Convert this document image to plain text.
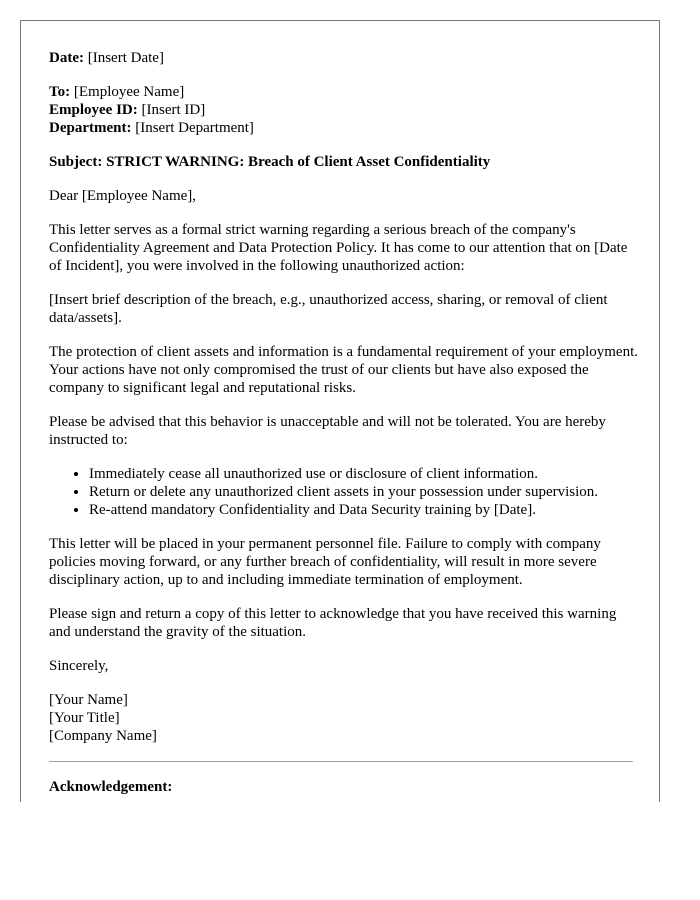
Date: [Insert Date]

To: [Employee Name]

Employee ID: [Insert ID]

Department: [Insert Department]

Subject: STRICT WARNING: Breach of Client Asset Confidentiality

Dear [Employee Name],

This letter serves as a formal strict warning regarding a serious breach of the company's Confidentiality Agreement and Data Protection Policy. It has come to our attention that on [Date of Incident], you were involved in the following unauthorized action:

[Insert brief description of the breach, e.g., unauthorized access, sharing, or removal of client data/assets].

The protection of client assets and information is a fundamental requirement of your employment. Your actions have not only compromised the trust of our clients but have also exposed the company to significant legal and reputational risks.

Please be advised that this behavior is unacceptable and will not be tolerated. You are hereby instructed to:

• Immediately cease all unauthorized use or disclosure of client information.
• Return or delete any unauthorized client assets in your possession under supervision.
• Re-attend mandatory Confidentiality and Data Security training by [Date].

This letter will be placed in your permanent personnel file. Failure to comply with company policies moving forward, or any further breach of confidentiality, will result in more severe disciplinary action, up to and including immediate termination of employment.

Please sign and return a copy of this letter to acknowledge that you have received this warning and understand the gravity of the situation.

Sincerely,

[Your Name]

[Your Title]

[Company Name]

Acknowledgement:
